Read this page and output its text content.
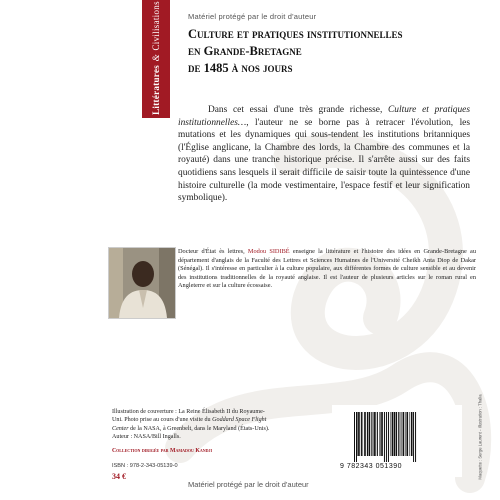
Matériel protégé par le droit d'auteur
Littératures & Civilisations Culture et pratiques institutionnelles
en Grande-Bretagne
de 1485 à nos jours
Dans cet essai d'une très grande richesse, Culture et pratiques institutionnelles…, l'auteur ne se borne pas à retracer l'évolution, les mutations et les dynamiques qui sous-tendent les institutions britanniques (l'Église anglicane, la Chambre des lords, la Chambre des communes et la royauté) dans une tranche historique précise. Il s'arrête aussi sur des faits quotidiens sans lesquels il serait difficile de saisir toute la quintessence d'une histoire culturelle (la mode vestimentaire, l'espace festif et leur signification symbolique).
Docteur d'État ès lettres, Modou SIDIBÉ enseigne la littérature et l'histoire des idées en Grande-Bretagne au département d'anglais de la Faculté des Lettres et Sciences Humaines de l'Université Cheikh Anta Diop de Dakar (Sénégal). Il s'intéresse en particulier à la culture populaire, aux différentes formes de culture sensible et au devenir des institutions traditionnelles de la royauté anglaise. Il est l'auteur de plusieurs articles sur le roman rural en Angleterre et sur la culture écossaise.
Illustration de couverture : La Reine Élisabeth II du Royaume-Uni. Photo prise au cours d'une visite du Goddard Space Flight Center de la NASA, à Greenbelt, dans le Maryland (États-Unis). Auteur : NASA/Bill Ingalls.
Collection dirigée par Mamadou Kandji
ISBN : 978-2-343-05139-0
34 €
9 782343 051390	Maquette : Serge Laurent - Illustration : Thalia
Matériel protégé par le droit d'auteur
